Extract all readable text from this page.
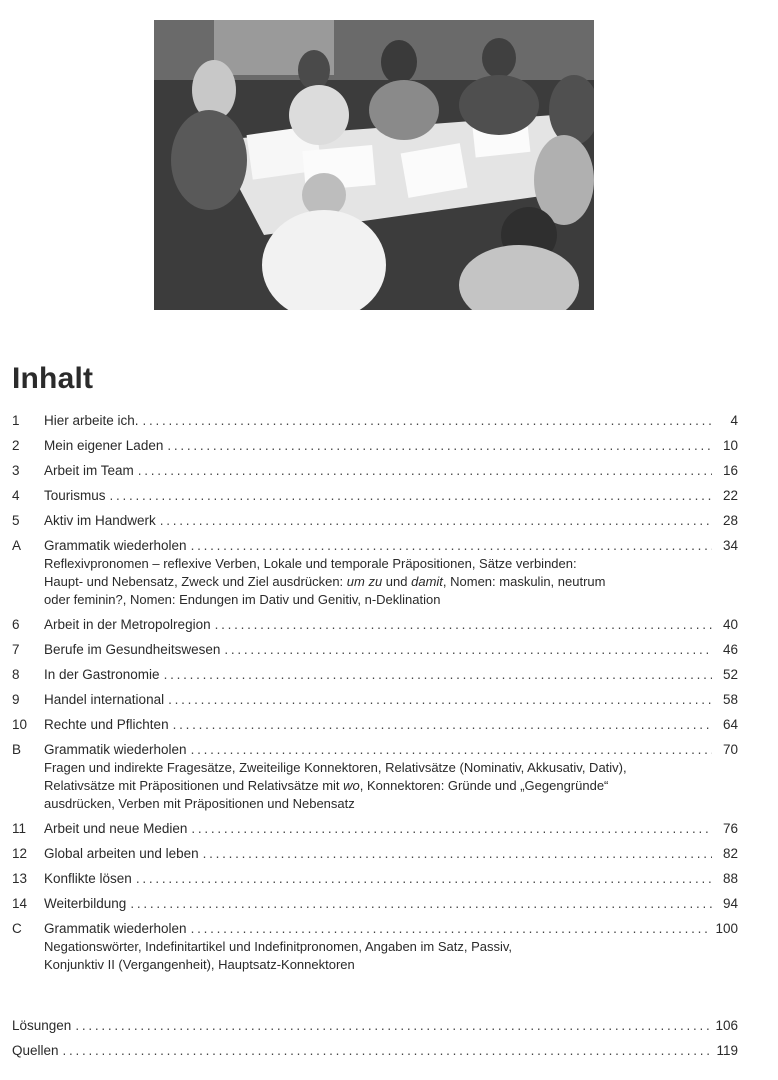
Inhalt
1	Hier arbeite ich. . . .	4
2	Mein eigener Laden . . .	10
3	Arbeit im Team . . .	16
4	Tourismus . . .	22
5	Aktiv im Handwerk . . .	28
A	Grammatik wiederholen . . .	34
Reflexivpronomen – reflexive Verben, Lokale und temporale Präpositionen, Sätze verbinden:
Haupt- und Nebensatz, Zweck und Ziel ausdrücken: um zu und damit, Nomen: maskulin, neutrum
oder feminin?, Nomen: Endungen im Dativ und Genitiv, n-Deklination
6	Arbeit in der Metropolregion . . .	40
7	Berufe im Gesundheitswesen . . .	46
8	In der Gastronomie . . .	52
9	Handel international . . .	58
10	Rechte und Pflichten . . .	64
B	Grammatik wiederholen . . .	70
Fragen und indirekte Fragesätze, Zweiteilige Konnektoren, Relativsätze (Nominativ, Akkusativ, Dativ),
Relativsätze mit Präpositionen und Relativsätze mit wo, Konnektoren: Gründe und „Gegengründe“
ausdrücken, Verben mit Präpositionen und Nebensatz
11	Arbeit und neue Medien . . .	76
12	Global arbeiten und leben . . .	82
13	Konflikte lösen . . .	88
14	Weiterbildung . . .	94
C	Grammatik wiederholen . . .	100
Negationswörter, Indefinitartikel und Indefinitpronomen, Angaben im Satz, Passiv,
Konjunktiv II (Vergangenheit), Hauptsatz-Konnektoren
Lösungen . . .	106
Quellen . . .	119
